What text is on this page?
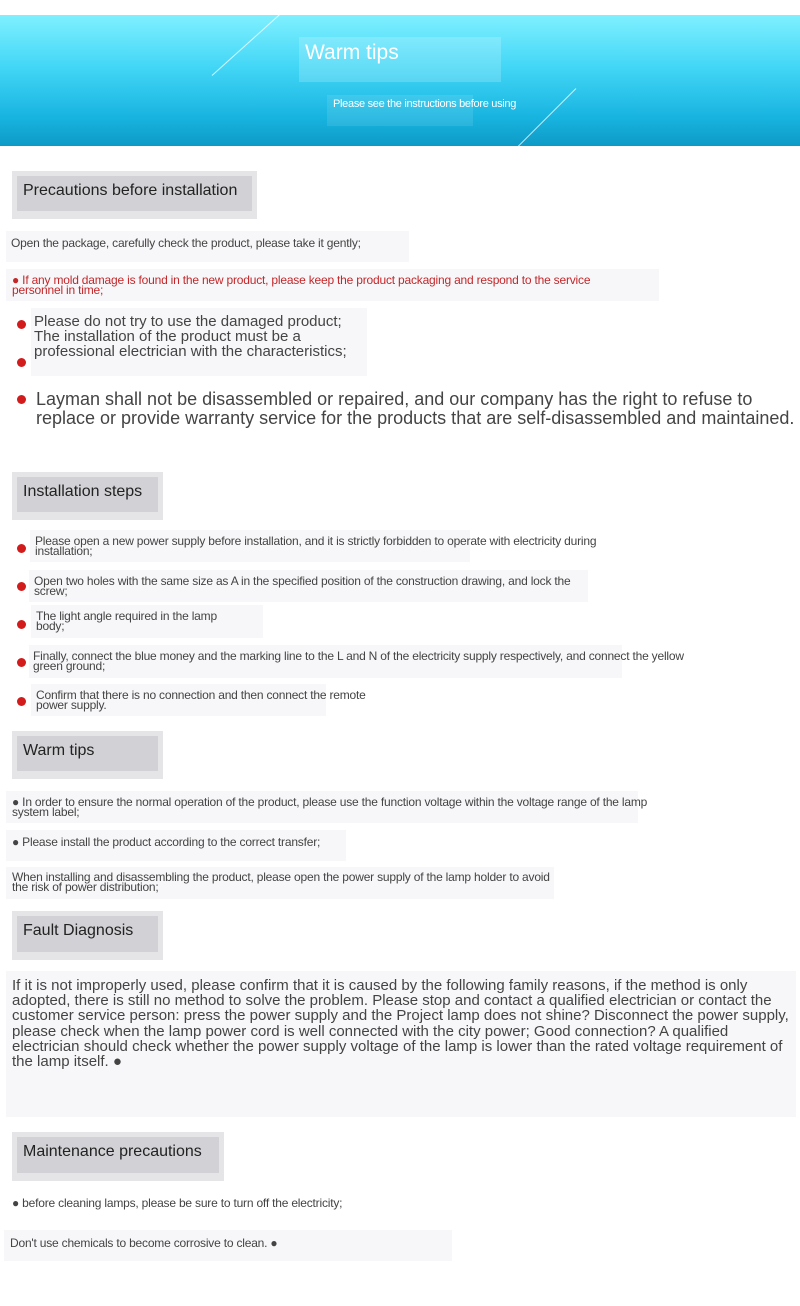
Warm tips
Please see the instructions before using
Precautions before installation
Open the package, carefully check the product, please take it gently;
● If any mold damage is found in the new product, please keep the product packaging and respond to the service personnel in time;
Please do not try to use the damaged product;
The installation of the product must be a professional electrician with the characteristics;
Layman shall not be disassembled or repaired, and our company has the right to refuse to replace or provide warranty service for the products that are self-disassembled and maintained.
Installation steps
Please open a new power supply before installation, and it is strictly forbidden to operate with electricity during installation;
Open two holes with the same size as A in the specified position of the construction drawing, and lock the screw;
The light angle required in the lamp body;
Finally, connect the blue money and the marking line to the L and N of the electricity supply respectively, and connect the yellow green ground;
Confirm that there is no connection and then connect the remote power supply.
Warm tips
● In order to ensure the normal operation of the product, please use the function voltage within the voltage range of the lamp system label;
● Please install the product according to the correct transfer;
When installing and disassembling the product, please open the power supply of the lamp holder to avoid the risk of power distribution;
Fault Diagnosis
If it is not improperly used, please confirm that it is caused by the following family reasons, if the method is only adopted, there is still no method to solve the problem. Please stop and contact a qualified electrician or contact the customer service person: press the power supply and the Project lamp does not shine? Disconnect the power supply, please check when the lamp power cord is well connected with the city power; Good connection? A qualified electrician should check whether the power supply voltage of the lamp is lower than the rated voltage requirement of the lamp itself. ●
Maintenance precautions
● before cleaning lamps, please be sure to turn off the electricity;
Don't use chemicals to become corrosive to clean. ●
